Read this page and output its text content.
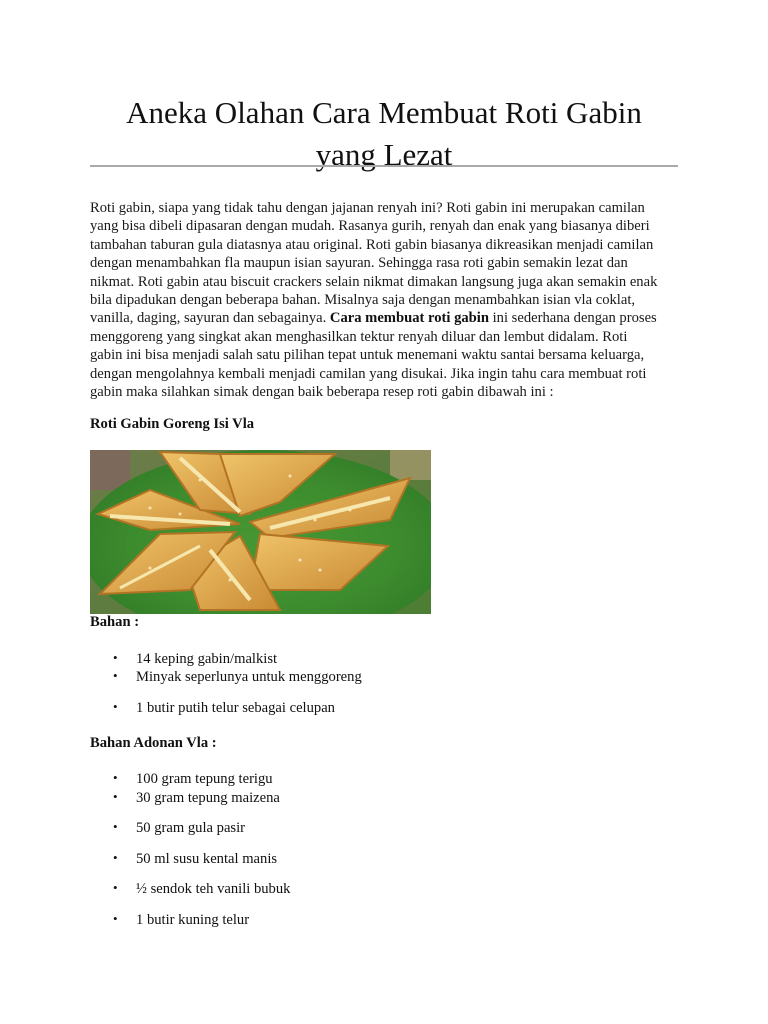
Aneka Olahan Cara Membuat Roti Gabin
yang Lezat

Roti gabin, siapa yang tidak tahu dengan jajanan renyah ini? Roti gabin ini merupakan camilan
yang bisa dibeli dipasaran dengan mudah. Rasanya gurih, renyah dan enak yang biasanya diberi
tambahan taburan gula diatasnya atau original. Roti gabin biasanya dikreasikan menjadi camilan
dengan menambahkan fla maupun isian sayuran. Sehingga rasa roti gabin semakin lezat dan
nikmat. Roti gabin atau biscuit crackers selain nikmat dimakan langsung juga akan semakin enak
bila dipadukan dengan beberapa bahan. Misalnya saja dengan menambahkan isian vla coklat,
vanilla, daging, sayuran dan sebagainya. Cara membuat roti gabin ini sederhana dengan proses
menggoreng yang singkat akan menghasilkan tektur renyah diluar dan lembut didalam. Roti
gabin ini bisa menjadi salah satu pilihan tepat untuk menemani waktu santai bersama keluarga,
dengan mengolahnya kembali menjadi camilan yang disukai. Jika ingin tahu cara membuat roti
gabin maka silahkan simak dengan baik beberapa resep roti gabin dibawah ini :

Roti Gabin Goreng Isi Vla
Bahan :
• 14 keping gabin/malkist
• Minyak seperlunya untuk menggoreng
• 1 butir putih telur sebagai celupan
Bahan Adonan Vla :
• 100 gram tepung terigu
• 30 gram tepung maizena
• 50 gram gula pasir
• 50 ml susu kental manis
• ½ sendok teh vanili bubuk
• 1 butir kuning telur
